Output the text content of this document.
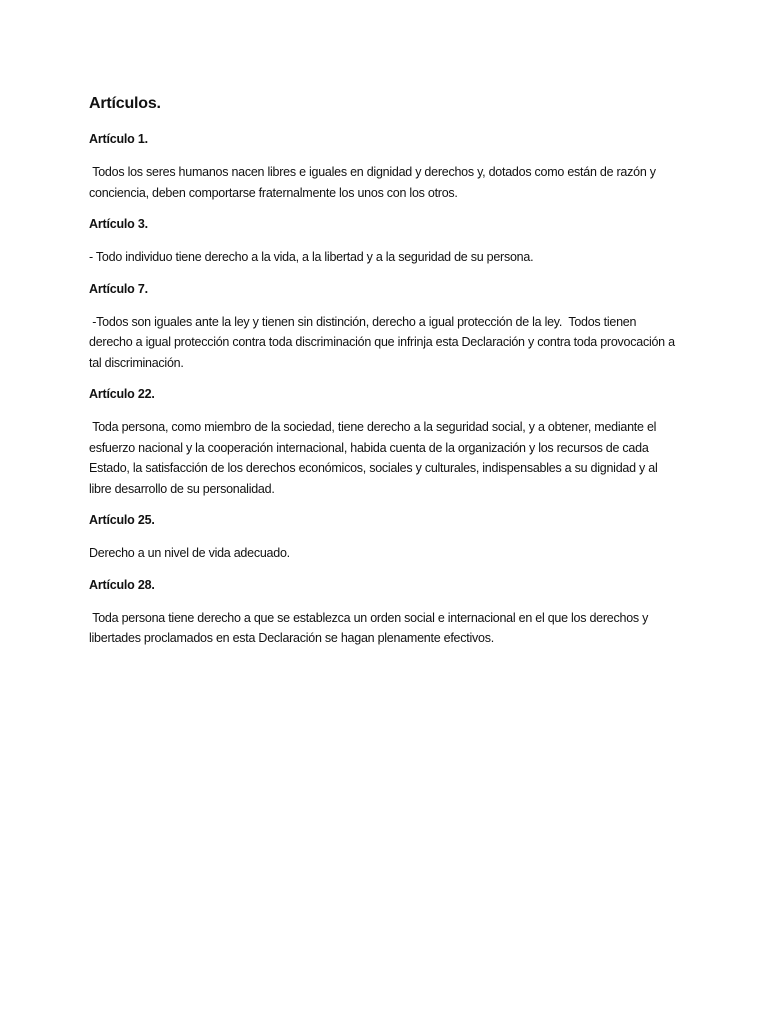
Artículos.
Artículo 1.

Todos los seres humanos nacen libres e iguales en dignidad y derechos y, dotados como están de razón y conciencia, deben comportarse fraternalmente los unos con los otros.

Artículo 3.

- Todo individuo tiene derecho a la vida, a la libertad y a la seguridad de su persona.

Artículo 7.

-Todos son iguales ante la ley y tienen sin distinción, derecho a igual protección de la ley.  Todos tienen derecho a igual protección contra toda discriminación que infrinja esta Declaración y contra toda provocación a tal discriminación.

Artículo 22.

Toda persona, como miembro de la sociedad, tiene derecho a la seguridad social, y a obtener, mediante el esfuerzo nacional y la cooperación internacional, habida cuenta de la organización y los recursos de cada Estado, la satisfacción de los derechos económicos, sociales y culturales, indispensables a su dignidad y al libre desarrollo de su personalidad.

Artículo 25.

Derecho a un nivel de vida adecuado.

Artículo 28.

Toda persona tiene derecho a que se establezca un orden social e internacional en el que los derechos y libertades proclamados en esta Declaración se hagan plenamente efectivos.
